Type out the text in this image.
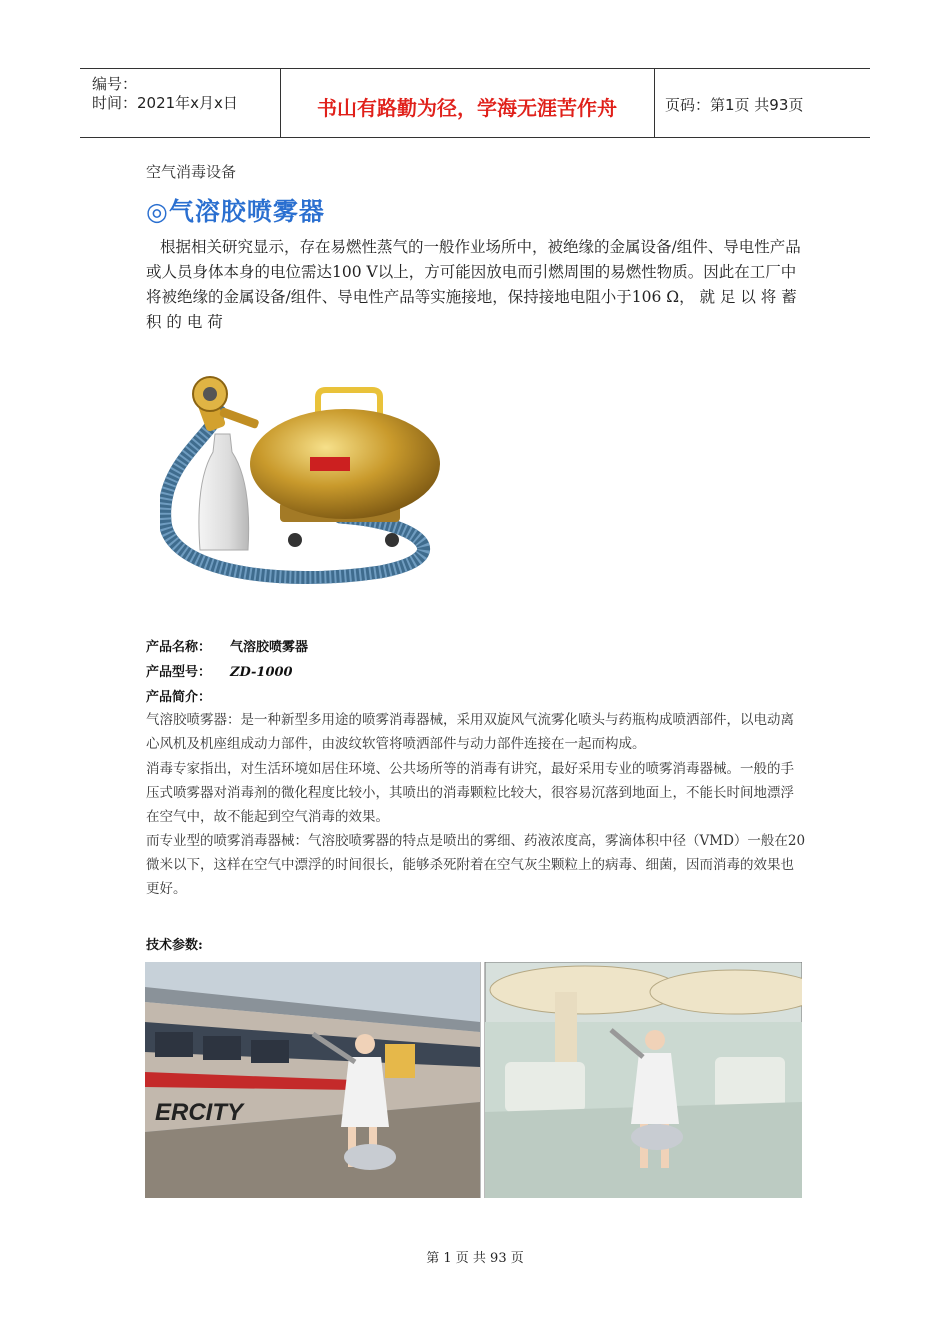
编号：
时间：2021年x月x日	书山有路勤为径，学海无涯苦作舟	页码：第1页 共93页
空气消毒设备
◎气溶胶喷雾器
根据相关研究显示，存在易燃性蒸气的一般作业场所中，被绝缘的金属设备/组件、导电性产品或人员身体本身的电位需达100 V以上，方可能因放电而引燃周围的易燃性物质。因此在工厂中将被绝缘的金属设备/组件、导电性产品等实施接地，保持接地电阻小于106 Ω， 就 足 以 将 蓄 积 的 电 荷
产品名称： 气溶胶喷雾器
产品型号： ZD-1000
产品简介：
气溶胶喷雾器：是一种新型多用途的喷雾消毒器械，采用双旋风气流雾化喷头与药瓶构成喷洒部件，以电动离心风机及机座组成动力部件，由波纹软管将喷洒部件与动力部件连接在一起而构成。
消毒专家指出，对生活环境如居住环境、公共场所等的消毒有讲究，最好采用专业的喷雾消毒器械。一般的手压式喷雾器对消毒剂的微化程度比较小，其喷出的消毒颗粒比较大，很容易沉落到地面上，不能长时间地漂浮在空气中，故不能起到空气消毒的效果。
而专业型的喷雾消毒器械：气溶胶喷雾器的特点是喷出的雾细、药液浓度高，雾滴体积中径（VMD）一般在20微米以下，这样在空气中漂浮的时间很长，能够杀死附着在空气灰尘颗粒上的病毒、细菌，因而消毒的效果也更好。
技术参数:
ERCITY
第 1 页 共 93 页
